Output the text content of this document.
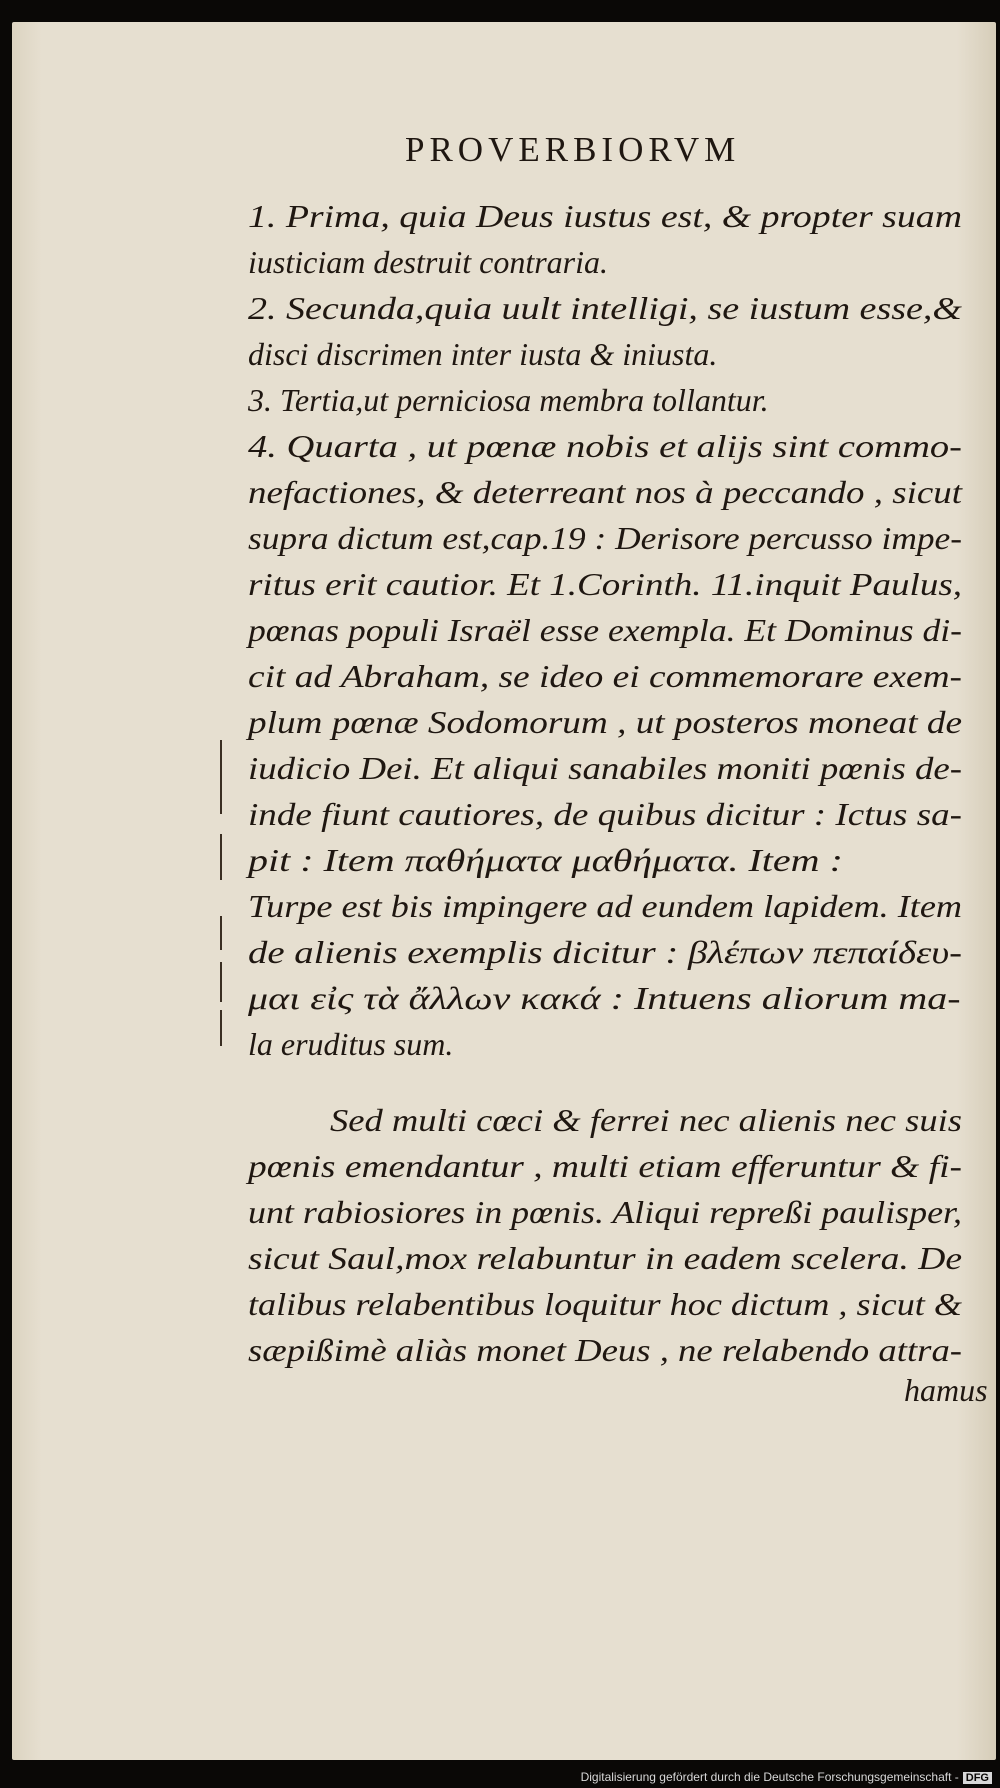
PROVERBIORVM
1. Prima, quia Deus iustus est, & propter suam
iusticiam destruit contraria.
2. Secunda,quia uult intelligi, se iustum esse,&
disci discrimen inter iusta & iniusta.
3. Tertia,ut perniciosa membra tollantur.
4. Quarta , ut pœnæ nobis et alijs sint commo-
nefactiones, & deterreant nos à peccando , sicut
supra dictum est,cap.19 : Derisore percusso impe-
ritus erit cautior. Et 1.Corinth. 11.inquit Paulus,
pœnas populi Israël esse exempla. Et Dominus di-
cit ad Abraham, se ideo ei commemorare exem-
plum pœnæ Sodomorum , ut posteros moneat de
iudicio Dei. Et aliqui sanabiles moniti pœnis de-
inde fiunt cautiores, de quibus dicitur : Ictus sa-
pit : Item παθήματα μαθήματα. Item :
Turpe est bis impingere ad eundem lapidem. Item
de alienis exemplis dicitur : βλέπων πεπαίδευ-
μαι εἰς τὰ ἄλλων κακά : Intuens aliorum ma-
la eruditus sum.
Sed multi cœci & ferrei nec alienis nec suis
pœnis emendantur , multi etiam efferuntur & fi-
unt rabiosiores in pœnis. Aliqui repreßi paulisper,
sicut Saul,mox relabuntur in eadem scelera. De
talibus relabentibus loquitur hoc dictum , sicut &
sæpißimè aliàs monet Deus , ne relabendo attra-
hamus
Digitalisierung gefördert durch die Deutsche Forschungsgemeinschaft - DFG
